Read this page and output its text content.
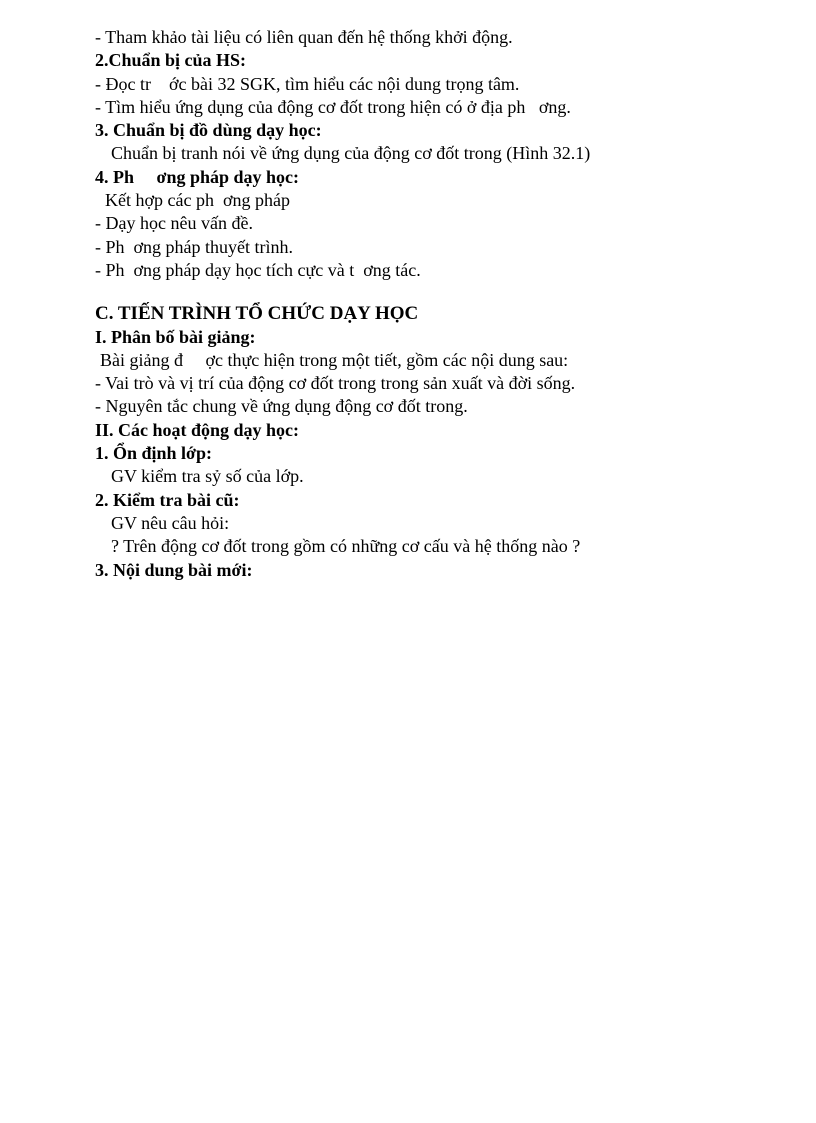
- Tham khảo tài liệu có liên quan đến hệ thống khởi động.
2.Chuẩn bị của HS:
- Đọc tr    ớc bài 32 SGK, tìm hiểu các nội dung trọng tâm.
- Tìm hiểu ứng dụng của động cơ đốt trong hiện có ở địa ph   ơng.
3. Chuẩn bị đồ dùng dạy học:
Chuẩn bị tranh nói về ứng dụng của động cơ đốt trong (Hình 32.1)
4. Ph     ơng pháp dạy học:
Kết hợp các ph  ơng pháp
- Dạy học nêu vấn đề.
- Ph  ơng pháp thuyết trình.
- Ph  ơng pháp dạy học tích cực và t  ơng tác.
C. TIẾN TRÌNH TỔ CHỨC DẠY HỌC
I. Phân bố bài giảng:
Bài giảng đ     ợc thực hiện trong một tiết, gồm các nội dung sau:
- Vai trò và vị trí của động cơ đốt trong trong sản xuất và đời sống.
- Nguyên tắc chung về ứng dụng động cơ đốt trong.
II. Các hoạt động dạy học:
1. Ổn định lớp:
GV kiểm tra sỷ số của lớp.
2. Kiểm tra bài cũ:
GV nêu câu hỏi:
? Trên động cơ đốt trong gồm có những cơ cấu và hệ thống nào ?
3. Nội dung bài mới:
